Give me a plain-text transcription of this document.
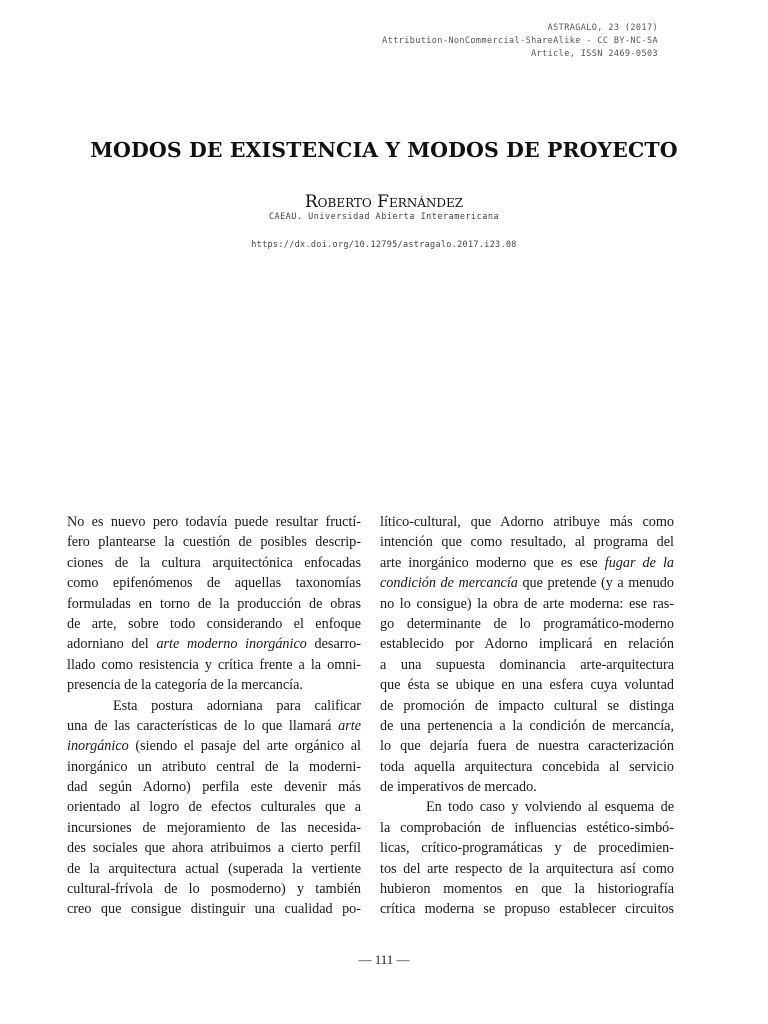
ASTRAGALO, 23 (2017)
Attribution-NonCommercial-ShareAlike - CC BY-NC-SA
Article, ISSN 2469-0503
MODOS DE EXISTENCIA Y MODOS DE PROYECTO
Roberto Fernández
CAEAU. Universidad Abierta Interamericana
https://dx.doi.org/10.12795/astragalo.2017.i23.08
No es nuevo pero todavía puede resultar fructí-
fero plantearse la cuestión de posibles descrip-
ciones de la cultura arquitectónica enfocadas
como epifenómenos de aquellas taxonomías
formuladas en torno de la producción de obras
de arte, sobre todo considerando el enfoque
adorniano del arte moderno inorgánico desarro-
llado como resistencia y crítica frente a la omni-
presencia de la categoría de la mercancía.
Esta postura adorniana para calificar
una de las características de lo que llamará arte
inorgánico (siendo el pasaje del arte orgánico al
inorgánico un atributo central de la moderni-
dad según Adorno) perfila este devenir más
orientado al logro de efectos culturales que a
incursiones de mejoramiento de las necesida-
des sociales que ahora atribuimos a cierto perfil
de la arquitectura actual (superada la vertiente
cultural-frívola de lo posmoderno) y también
creo que consigue distinguir una cualidad po-
lítico-cultural, que Adorno atribuye más como
intención que como resultado, al programa del
arte inorgánico moderno que es ese fugar de la
condición de mercancía que pretende (y a menudo
no lo consigue) la obra de arte moderna: ese ras-
go determinante de lo programático-moderno
establecido por Adorno implicará en relación
a una supuesta dominancia arte-arquitectura
que ésta se ubique en una esfera cuya voluntad
de promoción de impacto cultural se distinga
de una pertenencia a la condición de mercancía,
lo que dejaría fuera de nuestra caracterización
toda aquella arquitectura concebida al servicio
de imperativos de mercado.
En todo caso y volviendo al esquema de
la comprobación de influencias estético-simbó-
licas, crítico-programáticas y de procedimien-
tos del arte respecto de la arquitectura así como
hubieron momentos en que la historiografía
crítica moderna se propuso establecer circuitos
— 111 —
